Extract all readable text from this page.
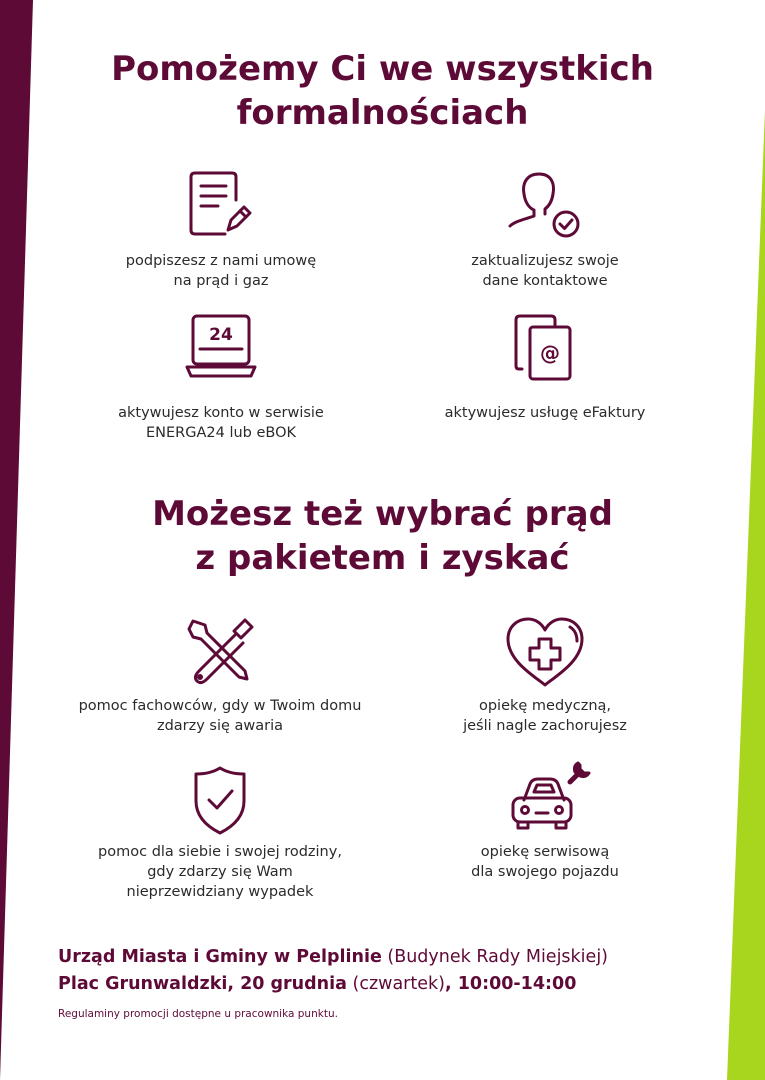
Pomożemy Ci we wszystkich
formalnościach
24
@
podpiszesz z nami umowę
na prąd i gaz
zaktualizujesz swoje
dane kontaktowe
aktywujesz konto w serwisie
ENERGA24 lub eBOK
aktywujesz usługę eFaktury
Możesz też wybrać prąd
z pakietem i zyskać
pomoc fachowców, gdy w Twoim domu
zdarzy się awaria
opiekę medyczną,
jeśli nagle zachorujesz
pomoc dla siebie i swojej rodziny,
gdy zdarzy się Wam
nieprzewidziany wypadek
opiekę serwisową
dla swojego pojazdu
Urząd Miasta i Gminy w Pelplinie (Budynek Rady Miejskiej)
Plac Grunwaldzki, 20 grudnia (czwartek), 10:00-14:00
Regulaminy promocji dostępne u pracownika punktu.
